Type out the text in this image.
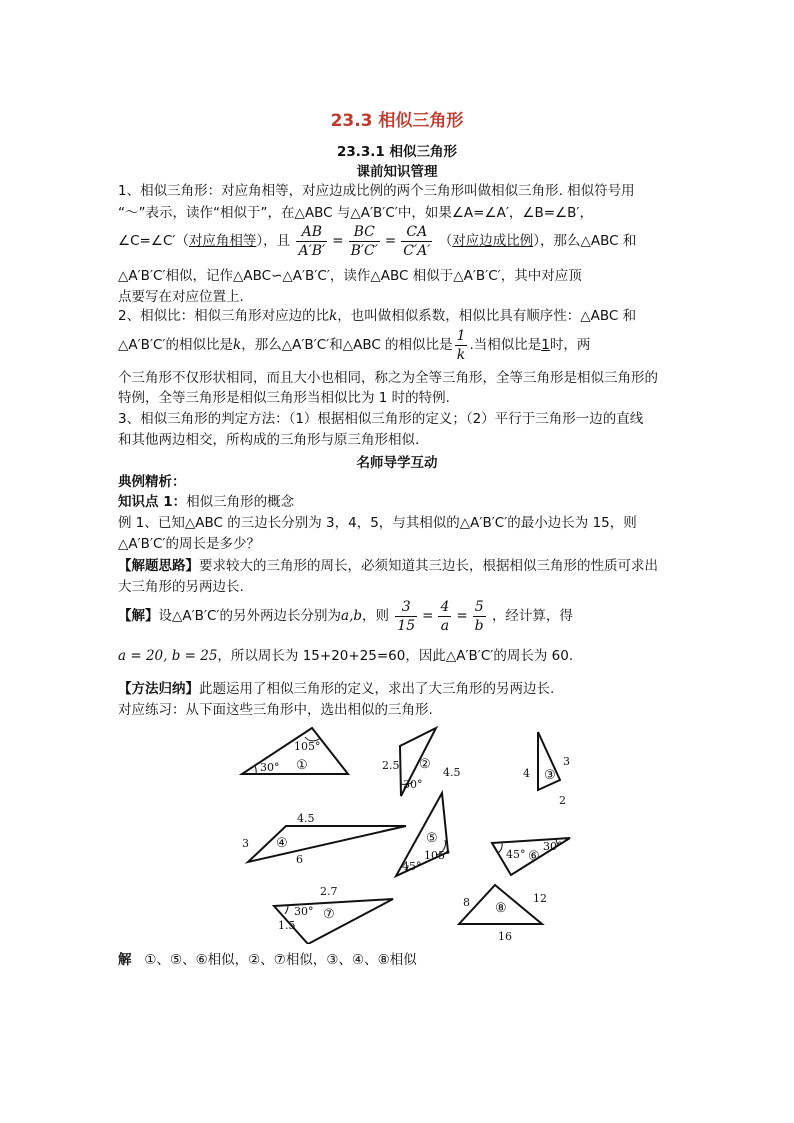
23.3 相似三角形
23.3.1 相似三角形
课前知识管理
1、相似三角形：对应角相等，对应边成比例的两个三角形叫做相似三角形. 相似符号用
“～”表示，读作“相似于”，在△ABC 与△A′B′C′中，如果∠A=∠A′，∠B=∠B′，
∠C=∠C′（对应角相等），且 $\frac{AB}{A'B'} = \frac{BC}{B'C'} = \frac{CA}{C'A'}$ （对应边成比例），那么△ABC 和
△A′B′C′相似，记作△ABC∽△A′B′C′，读作△ABC 相似于△A′B′C′，其中对应顶
点要写在对应位置上.
2、相似比：相似三角形对应边的比k，也叫做相似系数，相似比具有顺序性：△ABC 和
△A′B′C′的相似比是k，那么△A′B′C′和△ABC 的相似比是 $\frac{1}{k}$ .当相似比是1时，两
个三角形不仅形状相同，而且大小也相同，称之为全等三角形，全等三角形是相似三角形的
特例，全等三角形是相似三角形当相似比为 1 时的特例.
3、相似三角形的判定方法：（1）根据相似三角形的定义；（2）平行于三角形一边的直线
和其他两边相交，所构成的三角形与原三角形相似.
名师导学互动
典例精析：
知识点 1：相似三角形的概念
例 1、已知△ABC 的三边长分别为 3，4，5，与其相似的△A′B′C′的最小边长为 15，则
△A′B′C′的周长是多少？
【解题思路】要求较大的三角形的周长，必须知道其三边长，根据相似三角形的性质可求出
大三角形的另两边长.
【解】设△A′B′C′的另外两边长分别为a,b，则 $\frac{3}{15} = \frac{4}{a} = \frac{5}{b}$ ，经计算，得
a = 20, b = 25，所以周长为 15+20+25=60，因此△A′B′C′的周长为 60.
【方法归纳】此题运用了相似三角形的定义，求出了大三角形的另两边长.
对应练习：从下面这些三角形中，选出相似的三角形.
105°
30° ①	2.5
4.5
②
30°
4
3
2
③
4.5
3
6
④	⑤
105°
45°
45° ⑥
30°
2.7
30° ⑦
1.5
8	12
⑧
16
解 ①、⑤、⑥相似，②、⑦相似，③、④、⑧相似
